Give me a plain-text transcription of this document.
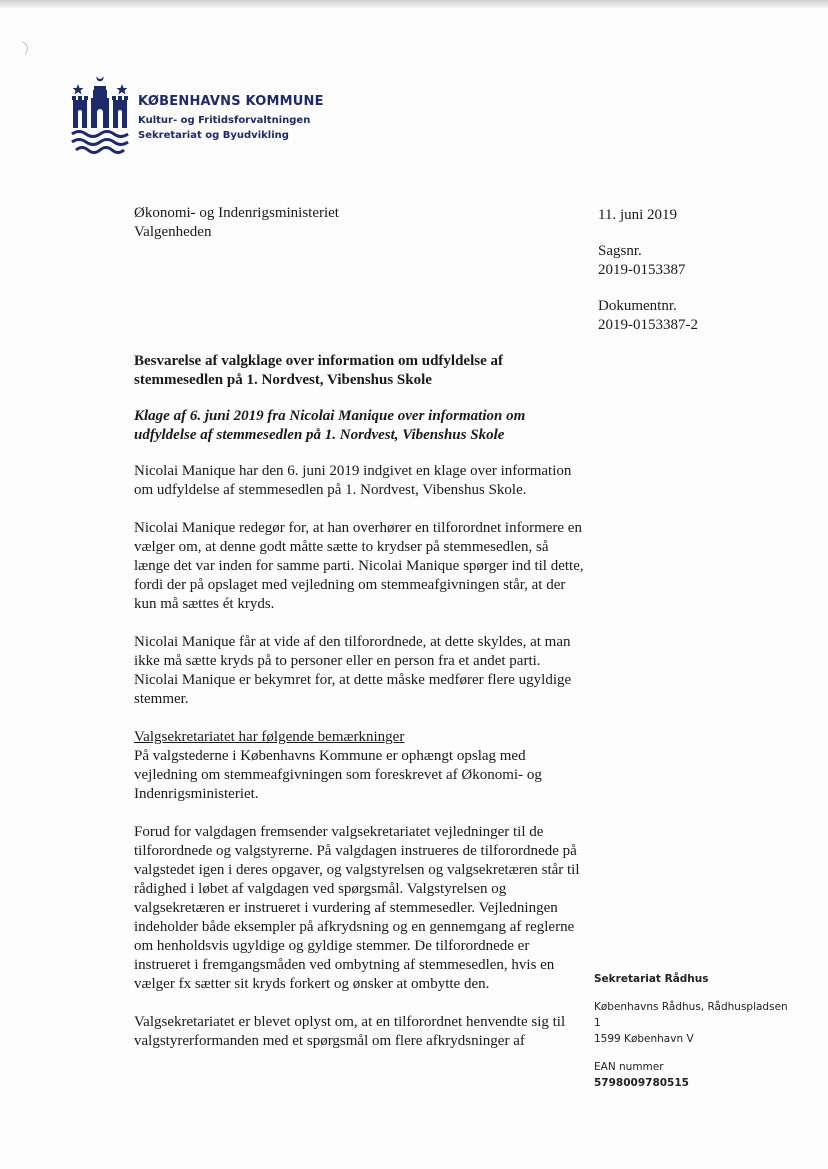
KØBENHAVNS KOMMUNE
Kultur- og Fritidsforvaltningen
Sekretariat og Byudvikling
Økonomi- og Indenrigsministeriet
Valgenheden
11. juni 2019
Sagsnr.
2019-0153387
Dokumentnr.
2019-0153387-2
Besvarelse af valgklage over information om udfyldelse af stemmesedlen på 1. Nordvest, Vibenshus Skole
Klage af 6. juni 2019 fra Nicolai Manique over information om udfyldelse af stemmesedlen på 1. Nordvest, Vibenshus Skole

Nicolai Manique har den 6. juni 2019 indgivet en klage over information om udfyldelse af stemmesedlen på 1. Nordvest, Vibenshus Skole.

Nicolai Manique redegør for, at han overhører en tilforordnet informere en vælger om, at denne godt måtte sætte to krydser på stemmesedlen, så længe det var inden for samme parti. Nicolai Manique spørger ind til dette, fordi der på opslaget med vejledning om stemmeafgivningen står, at der kun må sættes ét kryds.

Nicolai Manique får at vide af den tilforordnede, at dette skyldes, at man ikke må sætte kryds på to personer eller en person fra et andet parti. Nicolai Manique er bekymret for, at dette måske medfører flere ugyldige stemmer.

Valgsekretariatet har følgende bemærkninger
På valgstederne i Københavns Kommune er ophængt opslag med vejledning om stemmeafgivningen som foreskrevet af Økonomi- og Indenrigsministeriet.

Forud for valgdagen fremsender valgsekretariatet vejledninger til de tilforordnede og valgstyrerne. På valgdagen instrueres de tilforordnede på valgstedet igen i deres opgaver, og valgstyrelsen og valgsekretæren står til rådighed i løbet af valgdagen ved spørgsmål. Valgstyrelsen og valgsekretæren er instrueret i vurdering af stemmesedler. Vejledningen indeholder både eksempler på afkrydsning og en gennemgang af reglerne om henholdsvis ugyldige og gyldige stemmer. De tilforordnede er instrueret i fremgangsmåden ved ombytning af stemmesedlen, hvis en vælger fx sætter sit kryds forkert og ønsker at ombytte den.

Valgsekretariatet er blevet oplyst om, at en tilforordnet henvendte sig til valgstyrerformanden med et spørgsmål om flere afkrydsninger af

Sekretariat Rådhus
Københavns Rådhus, Rådhuspladsen
1
1599 København V
EAN nummer
5798009780515
